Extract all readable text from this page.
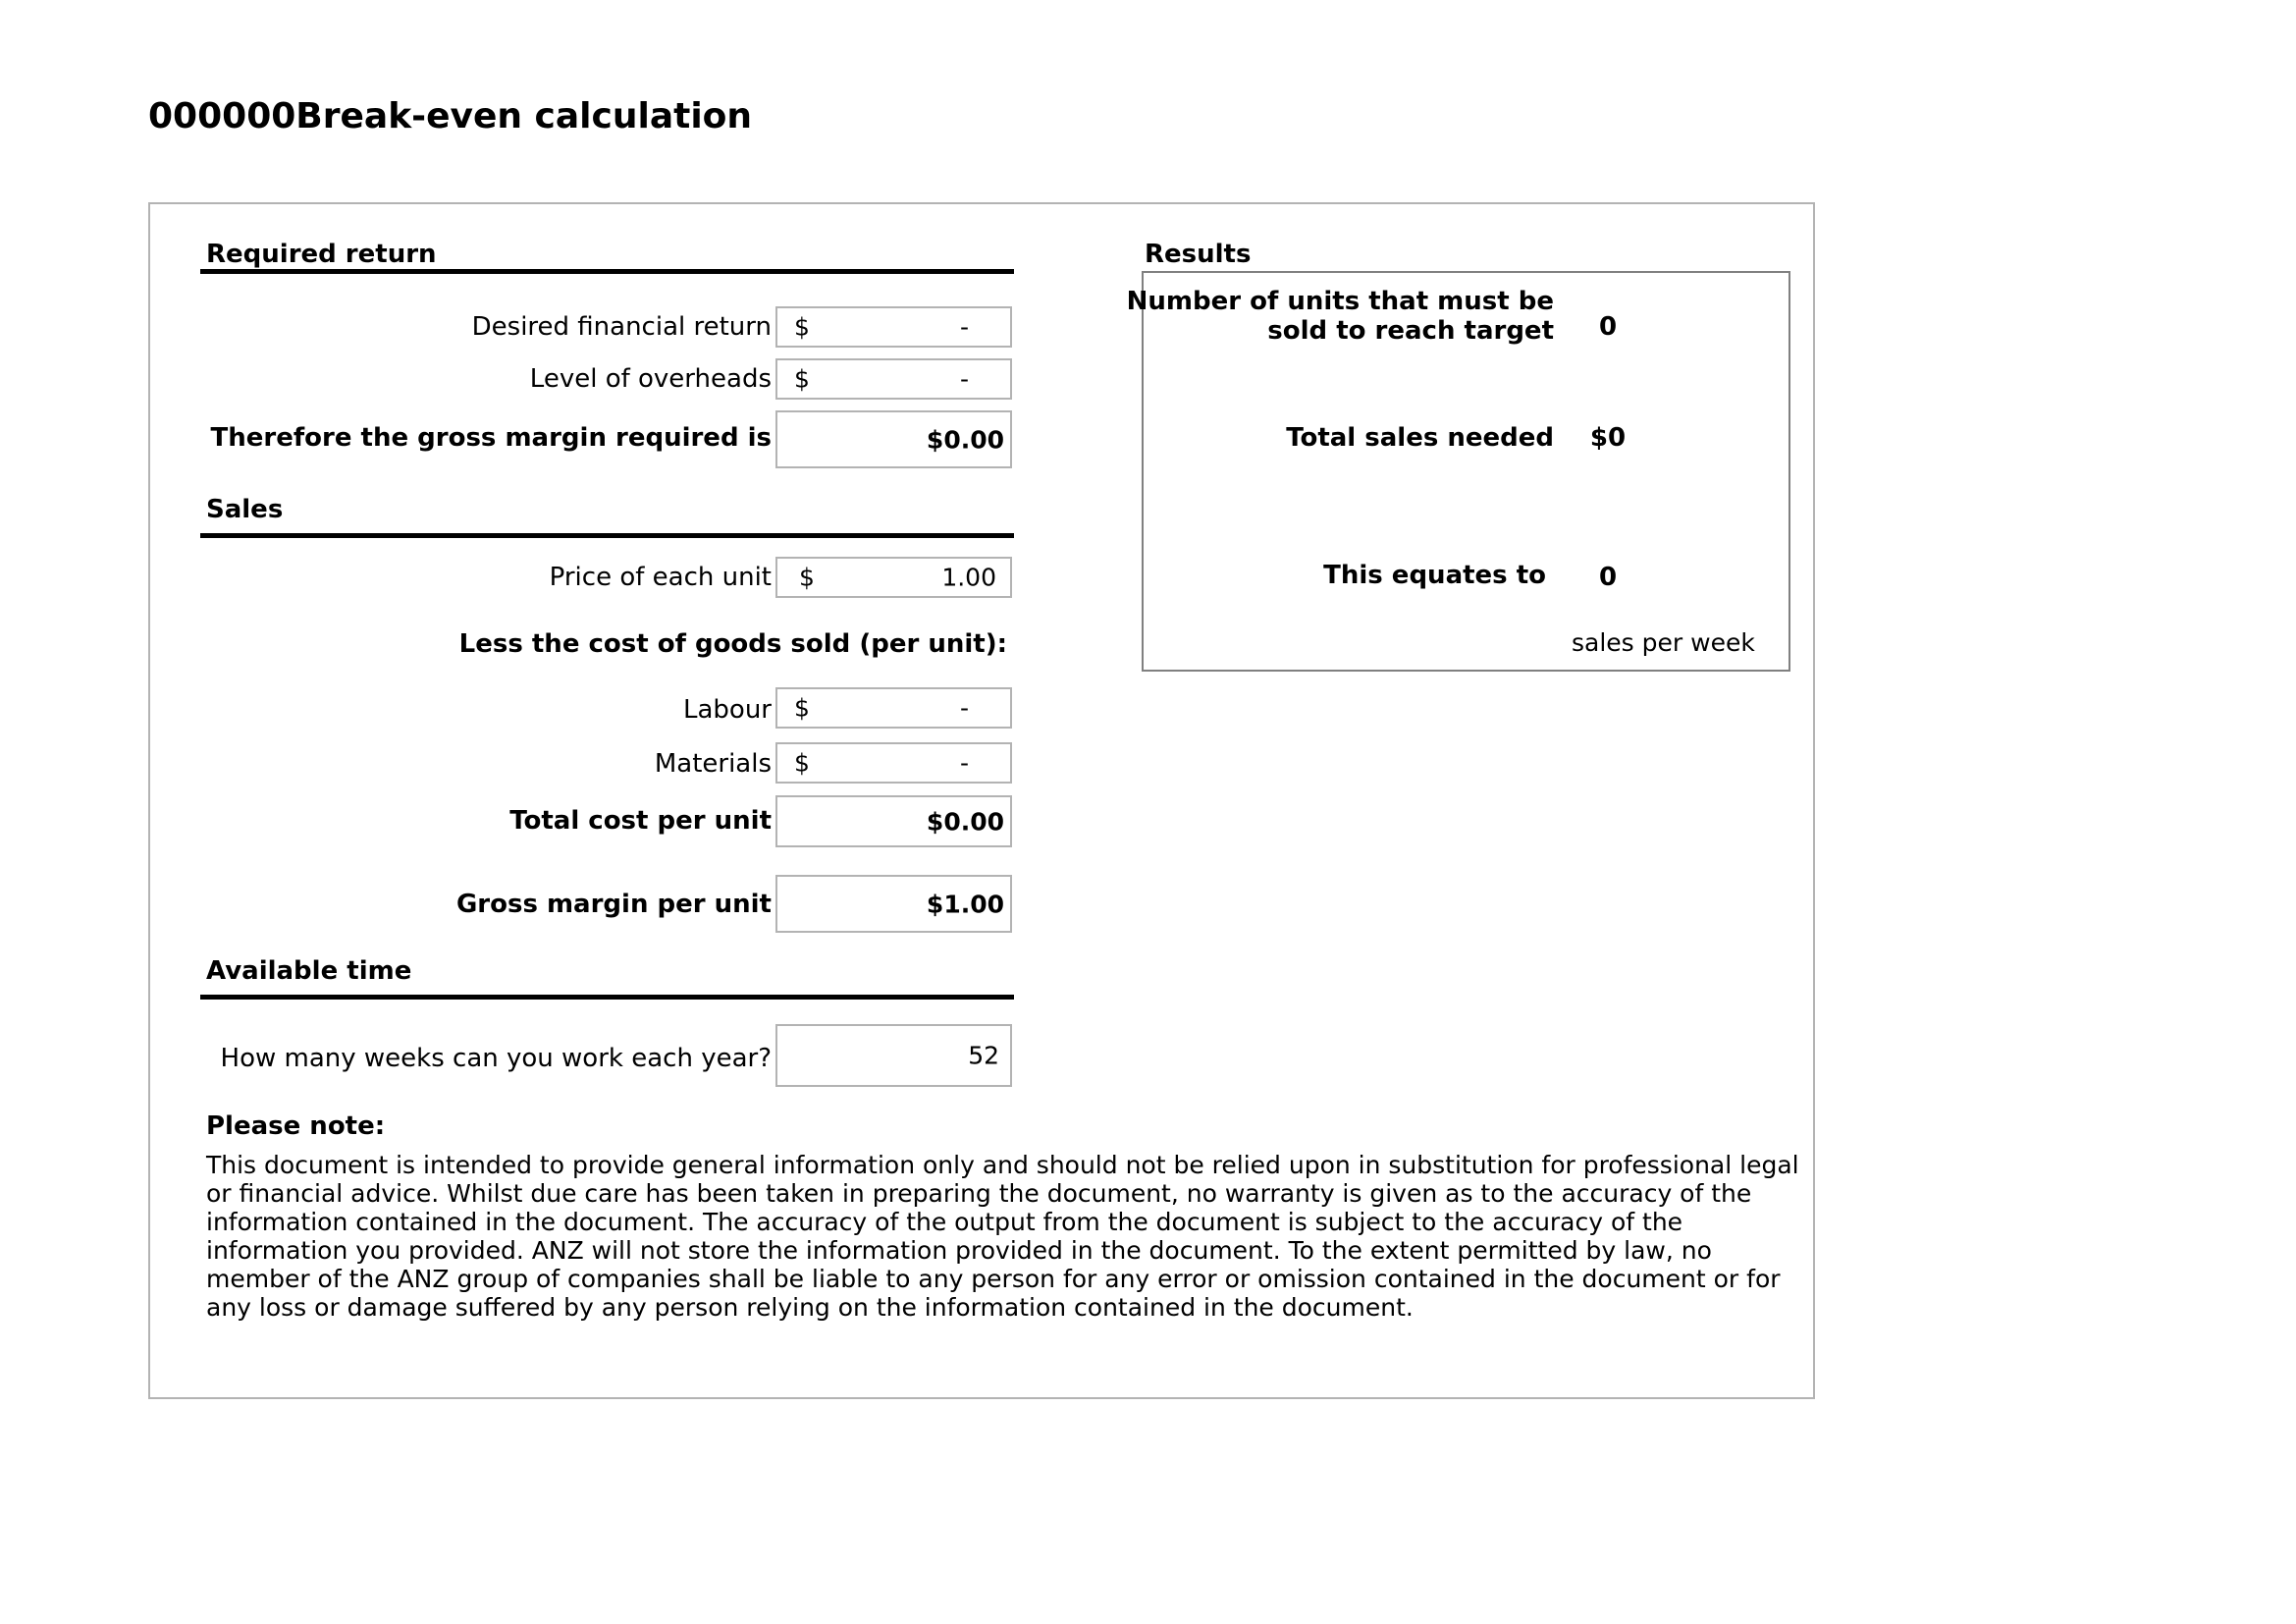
000000Break-even calculation
Required return
Desired financial return $	-
Level of overheads $	-
Therefore the gross margin required is	$0.00
Sales
Price of each unit $	1.00
Less the cost of goods sold (per unit):
Labour $	-
Materials $	-
Total cost per unit	$0.00
Gross margin per unit	$1.00
Available time
How many weeks can you work each year?	52
Results
Number of units that must be
sold to reach target	0
Total sales needed	$0
This equates to	0
sales per week
Please note:
This document is intended to provide general information only and should not be relied upon in substitution for professional legal
or financial advice. Whilst due care has been taken in preparing the document, no warranty is given as to the accuracy of the
information contained in the document. The accuracy of the output from the document is subject to the accuracy of the
information you provided. ANZ will not store the information provided in the document. To the extent permitted by law, no
member of the ANZ group of companies shall be liable to any person for any error or omission contained in the document or for
any loss or damage suffered by any person relying on the information contained in the document.
